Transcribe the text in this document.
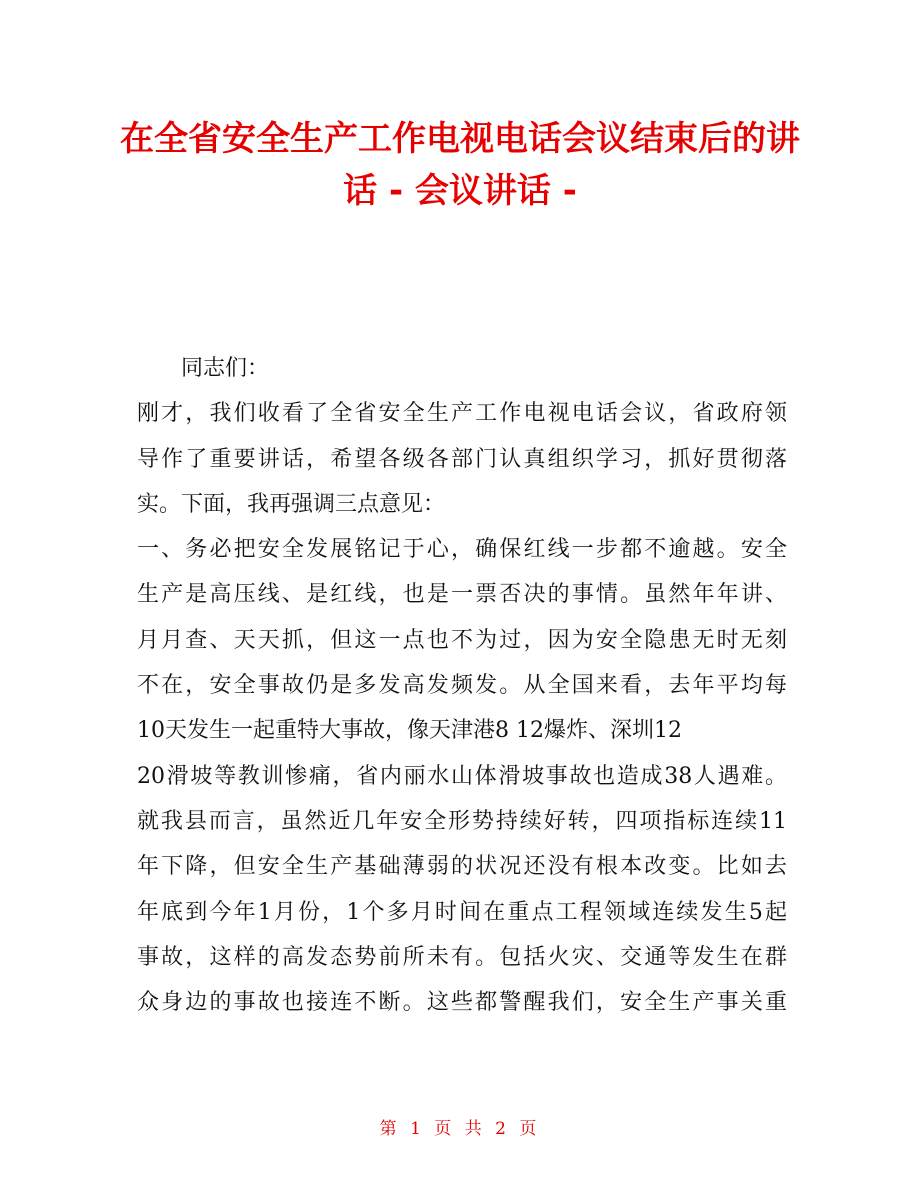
在全省安全生产工作电视电话会议结束后的讲
话 - 会议讲话 -
同志们：
刚才，我们收看了全省安全生产工作电视电话会议，省政府领
导作了重要讲话，希望各级各部门认真组织学习，抓好贯彻落
实。下面，我再强调三点意见：
一、务必把安全发展铭记于心，确保红线一步都不逾越。安全
生产是高压线、是红线，也是一票否决的事情。虽然年年讲、
月月查、天天抓，但这一点也不为过，因为安全隐患无时无刻
不在，安全事故仍是多发高发频发。从全国来看，去年平均每
10天发生一起重特大事故，像天津港8 12爆炸、深圳12
20滑坡等教训惨痛，省内丽水山体滑坡事故也造成38人遇难。
就我县而言，虽然近几年安全形势持续好转，四项指标连续11
年下降，但安全生产基础薄弱的状况还没有根本改变。比如去
年底到今年1月份，1个多月时间在重点工程领域连续发生5起
事故，这样的高发态势前所未有。包括火灾、交通等发生在群
众身边的事故也接连不断。这些都警醒我们，安全生产事关重
第 1 页 共 2 页
